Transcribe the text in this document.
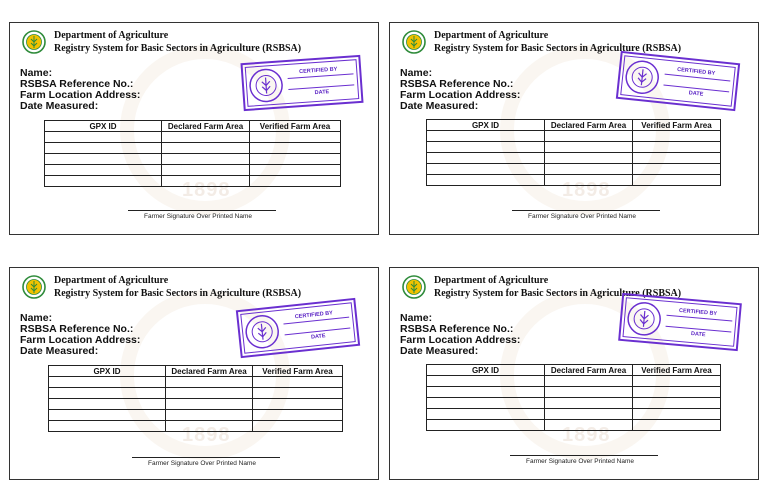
1898
Department of Agriculture
Registry System for Basic Sectors in Agriculture (RSBSA)
Name:
RSBSA Reference No.:
Farm Location Address:
Date Measured:
CERTIFIED BY
DATE
GPX ID	Declared Farm Area	Verified Farm Area

Farmer Signature Over Printed Name
1898
Department of Agriculture
Registry System for Basic Sectors in Agriculture (RSBSA)
Name:
RSBSA Reference No.:
Farm Location Address:
Date Measured:
CERTIFIED BY
DATE
GPX ID	Declared Farm Area	Verified Farm Area

Farmer Signature Over Printed Name
1898
Department of Agriculture
Registry System for Basic Sectors in Agriculture (RSBSA)
Name:
RSBSA Reference No.:
Farm Location Address:
Date Measured:
CERTIFIED BY
DATE
GPX ID	Declared Farm Area	Verified Farm Area

Farmer Signature Over Printed Name
1898
Department of Agriculture
Registry System for Basic Sectors in Agriculture (RSBSA)
Name:
RSBSA Reference No.:
Farm Location Address:
Date Measured:
CERTIFIED BY
DATE
GPX ID	Declared Farm Area	Verified Farm Area

Farmer Signature Over Printed Name
